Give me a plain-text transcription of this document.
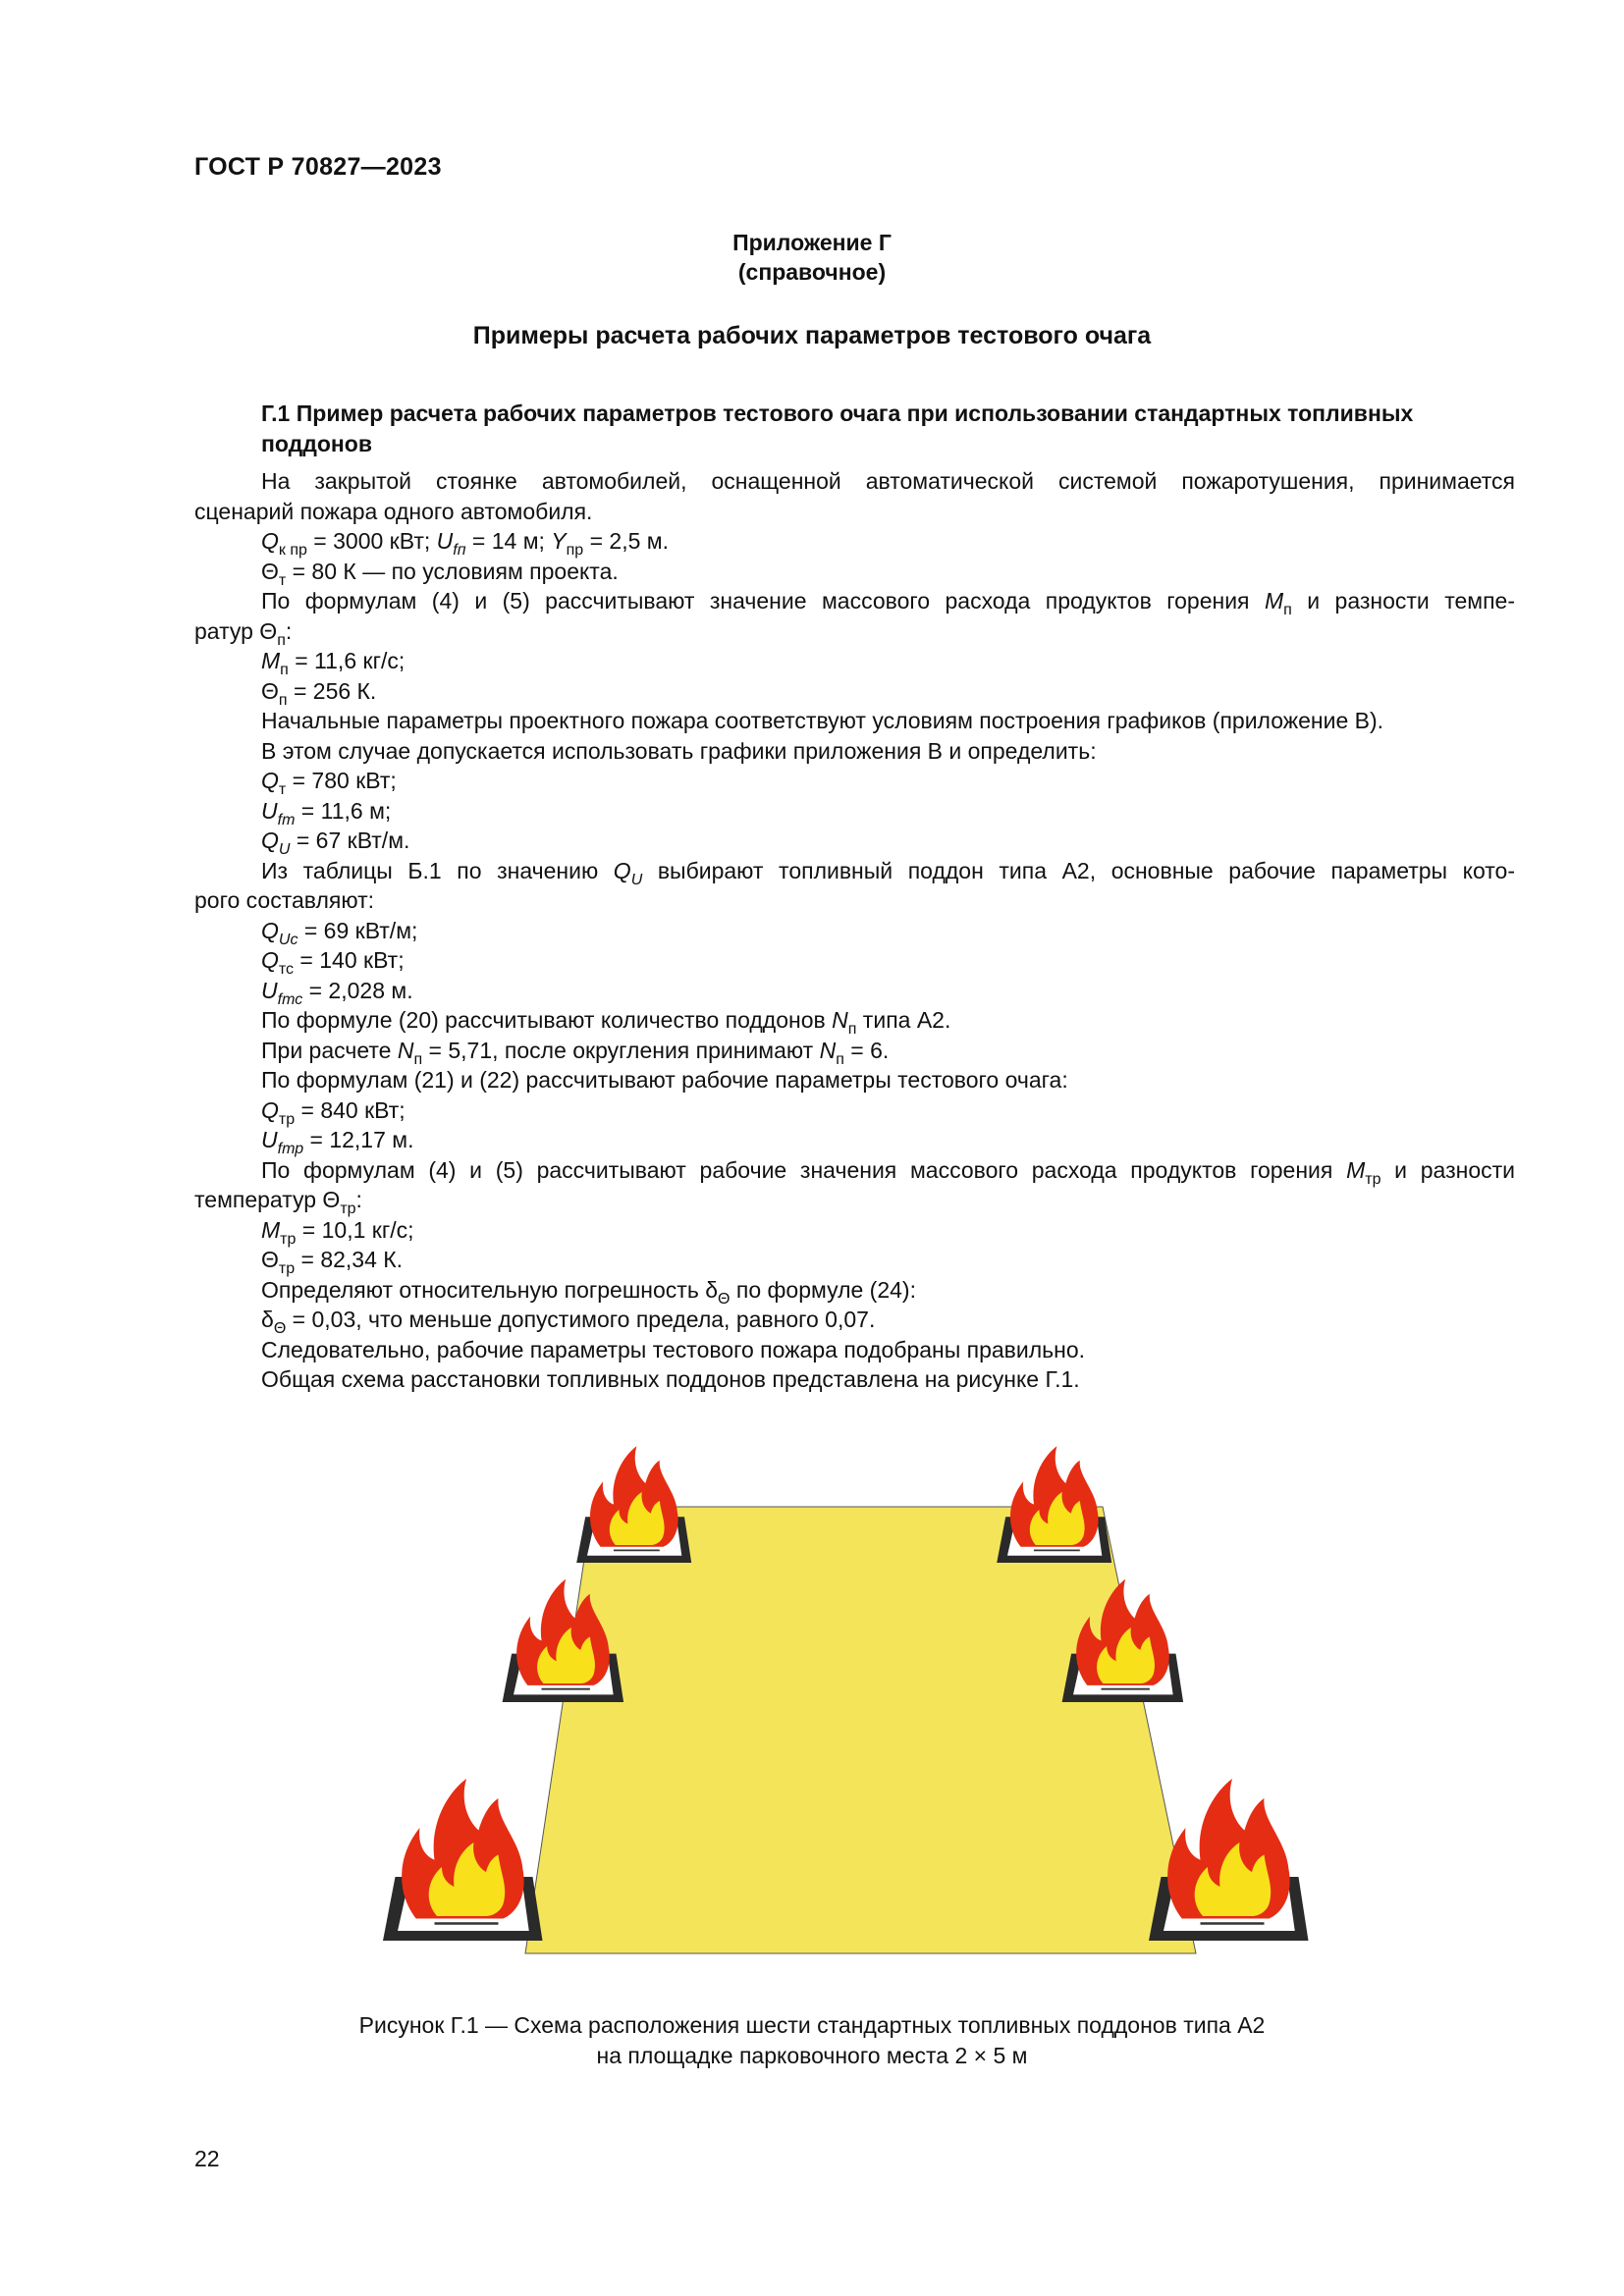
ГОСТ Р 70827—2023
Приложение Г
(справочное)
Примеры расчета рабочих параметров тестового очага
Г.1 Пример расчета рабочих параметров тестового очага при использовании стандартных топливных поддонов
На закрытой стоянке автомобилей, оснащенной автоматической системой пожаротушения, принимается
сценарий пожара одного автомобиля.
$Q_{к пр} = 3000$ кВт; $U_{fп} = 14$ м; $Y_{пр} = 2,5$ м.
$\Theta_т = 80$ К — по условиям проекта.
По формулам (4) и (5) рассчитывают значение массового расхода продуктов горения $M_п$ и разности темпе-
ратур $\Theta_п$:
$M_п = 11,6$ кг/с;
$\Theta_п = 256$ К.
Начальные параметры проектного пожара соответствуют условиям построения графиков (приложение В).
В этом случае допускается использовать графики приложения В и определить:
$Q_т = 780$ кВт;
$U_{fт} = 11,6$ м;
$Q_U = 67$ кВт/м.
Из таблицы Б.1 по значению $Q_U$ выбирают топливный поддон типа А2, основные рабочие параметры кото-
рого составляют:
$Q_{Uc} = 69$ кВт/м;
$Q_{тс} = 140$ кВт;
$U_{fтс} = 2,028$ м.
По формуле (20) рассчитывают количество поддонов $N_п$ типа А2.
При расчете $N_п = 5,71$, после округления принимают $N_п = 6$.
По формулам (21) и (22) рассчитывают рабочие параметры тестового очага:
$Q_{тр} = 840$ кВт;
$U_{fтр} = 12,17$ м.
По формулам (4) и (5) рассчитывают рабочие значения массового расхода продуктов горения $M_{тр}$ и разности
температур $\Theta_{тр}$:
$M_{тр} = 10,1$ кг/с;
$\Theta_{тр} = 82,34$ К.
Определяют относительную погрешность $\delta_\Theta$ по формуле (24):
$\delta_\Theta = 0,03$, что меньше допустимого предела, равного 0,07.
Следовательно, рабочие параметры тестового пожара подобраны правильно.
Общая схема расстановки топливных поддонов представлена на рисунке Г.1.
Рисунок Г.1 — Схема расположения шести стандартных топливных поддонов типа А2
на площадке парковочного места 2 × 5 м
22
